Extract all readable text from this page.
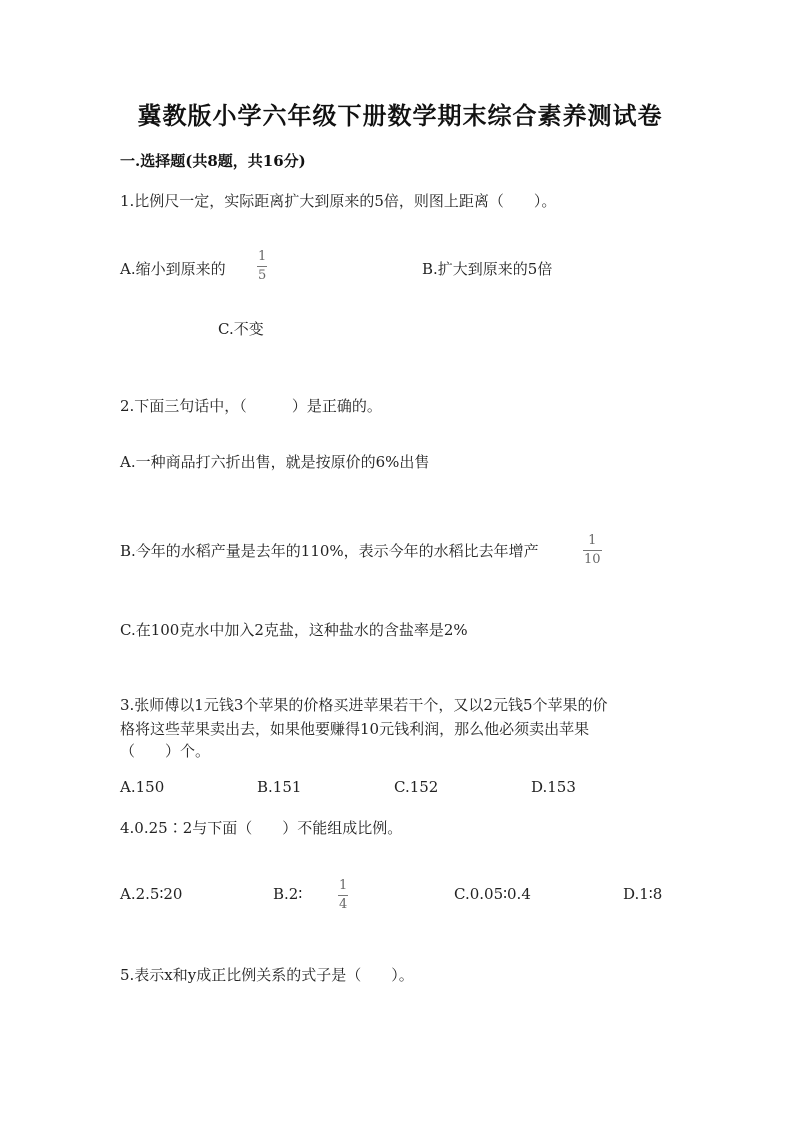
冀教版小学六年级下册数学期末综合素养测试卷
一.选择题(共8题，共16分)
1.比例尺一定，实际距离扩大到原来的5倍，则图上距离（　　）。
A.缩小到原来的
1
5	B.扩大到原来的5倍
C.不变
2.下面三句话中，（　　　）是正确的。
A.一种商品打六折出售，就是按原价的6%出售
B.今年的水稻产量是去年的110%，表示今年的水稻比去年增产
1
10
C.在100克水中加入2克盐，这种盐水的含盐率是2%
3.张师傅以1元钱3个苹果的价格买进苹果若干个，又以2元钱5个苹果的价
格将这些苹果卖出去，如果他要赚得10元钱利润，那么他必须卖出苹果
（　　）个。
A.150	B.151	C.152	D.153
4.0.25∶2与下面（　　）不能组成比例。
A.2.5∶20	B.2∶	1
4
C.0.05∶0.4	D.1∶8
5.表示x和y成正比例关系的式子是（　　）。
